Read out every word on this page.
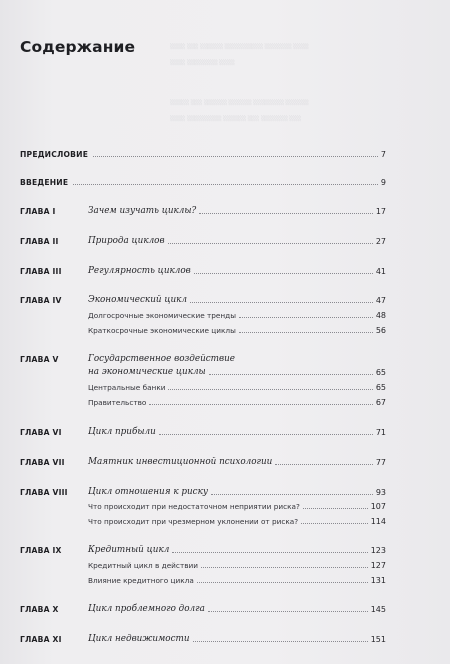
░░░░ ░░░ ░░░░░░ ░░░░░░░░░░ ░░░░░░░ ░░░░
░░░░ ░░░░░░░░ ░░░░
░░░░░ ░░░ ░░░░░░ ░░░░░░ ░░░░░░░░ ░░░░░░
░░░░ ░░░░░░░░░ ░░░░░░ ░░░ ░░░░░░░ ░░░
Содержание
ПРЕДИСЛОВИЕ	7
ВВЕДЕНИЕ	9
ГЛАВА I	Зачем изучать циклы?	17
ГЛАВА II	Природа циклов	27
ГЛАВА III	Регулярность циклов	41
ГЛАВА IV	Экономический цикл	47
Долгосрочные экономические тренды	48
Краткосрочные экономические циклы	56
ГЛАВА V	Государственное воздействие
на экономические циклы	65
Центральные банки	65
Правительство	67
ГЛАВА VI	Цикл прибыли	71
ГЛАВА VII	Маятник инвестиционной психологии	77
ГЛАВА VIII	Цикл отношения к риску	93
Что происходит при недостаточном неприятии риска?	107
Что происходит при чрезмерном уклонении от риска?	114
ГЛАВА IX	Кредитный цикл	123
Кредитный цикл в действии	127
Влияние кредитного цикла	131
ГЛАВА X	Цикл проблемного долга	145
ГЛАВА XI	Цикл недвижимости	151
